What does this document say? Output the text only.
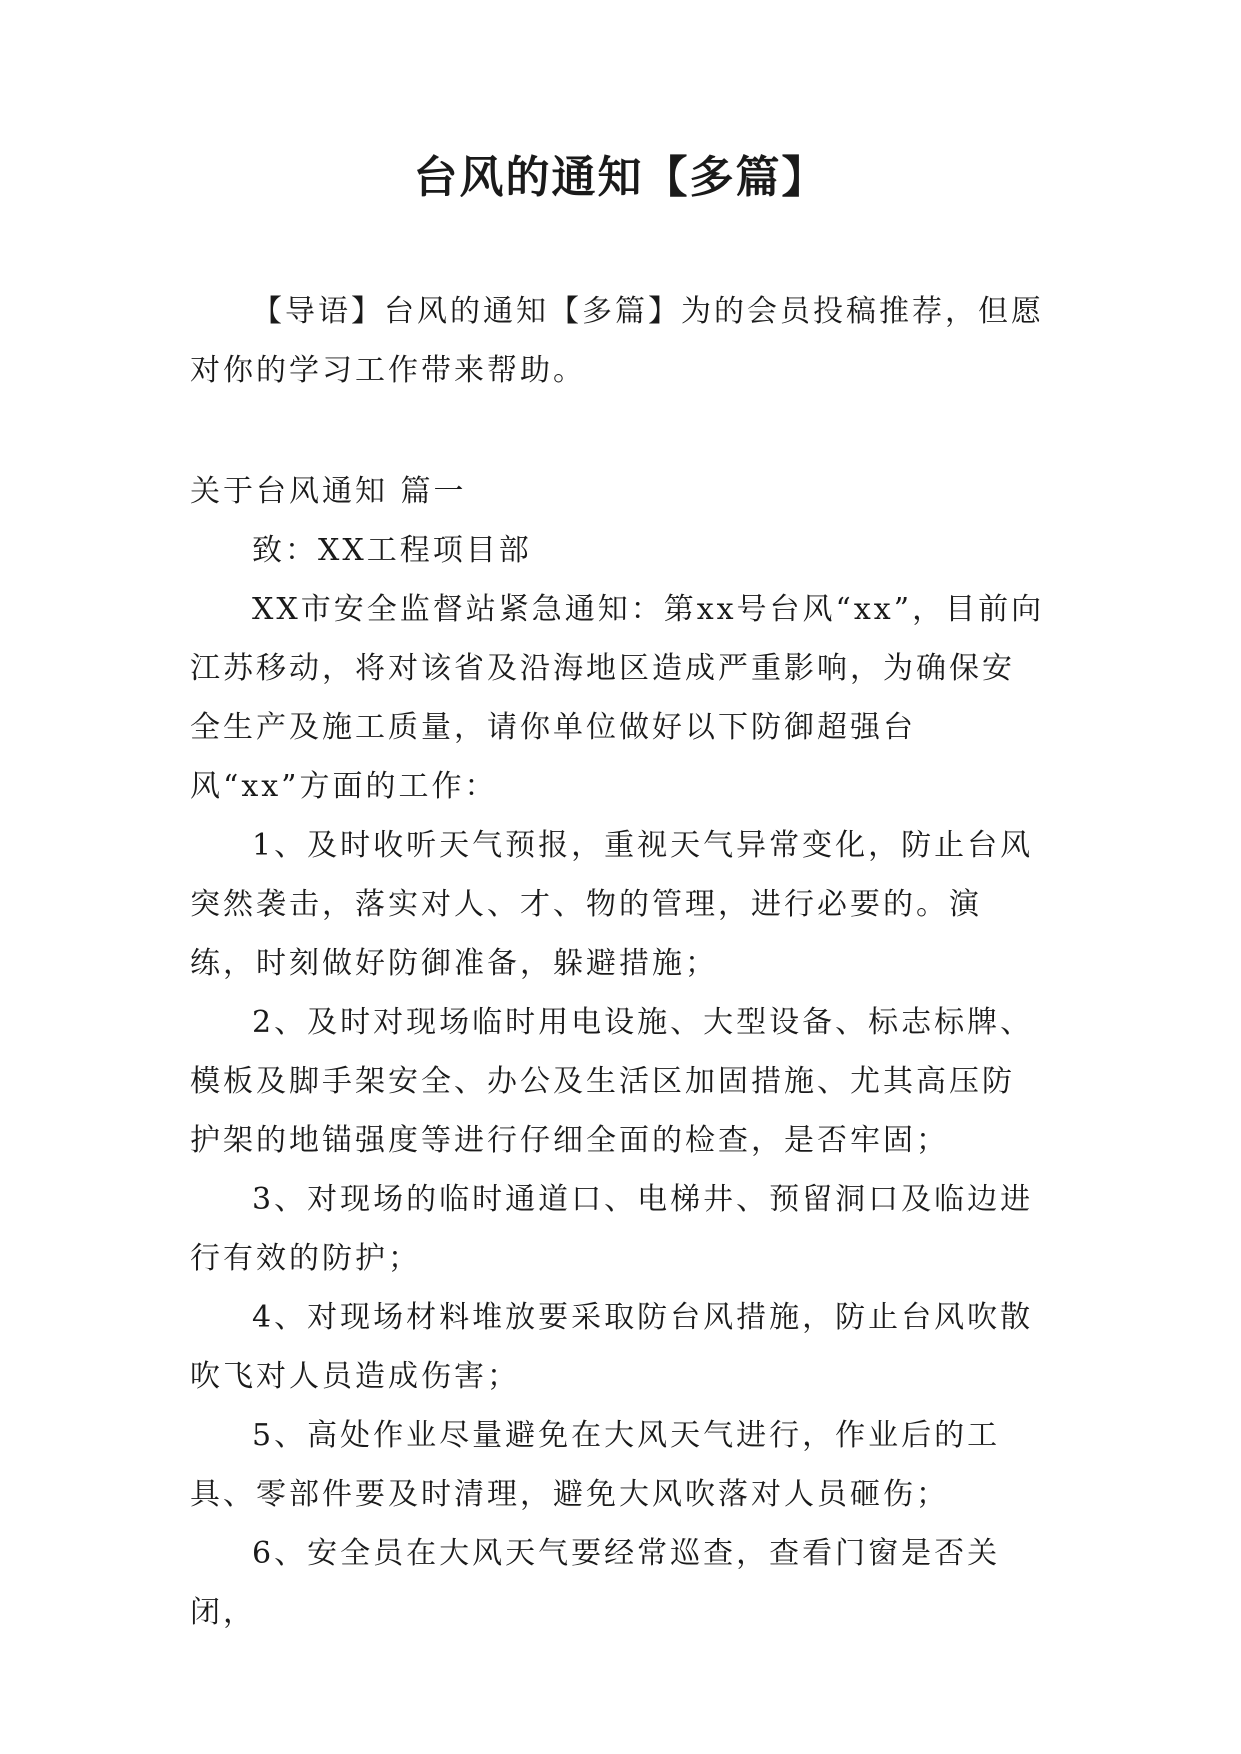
台风的通知【多篇】

【导语】台风的通知【多篇】为的会员投稿推荐，但愿对你的学习工作带来帮助。

关于台风通知 篇一

致：XX工程项目部

XX市安全监督站紧急通知：第xx号台风“xx”，目前向江苏移动，将对该省及沿海地区造成严重影响，为确保安全生产及施工质量，请你单位做好以下防御超强台风“xx”方面的工作：

1、及时收听天气预报，重视天气异常变化，防止台风突然袭击，落实对人、才、物的管理，进行必要的。演练，时刻做好防御准备，躲避措施；

2、及时对现场临时用电设施、大型设备、标志标牌、模板及脚手架安全、办公及生活区加固措施、尤其高压防护架的地锚强度等进行仔细全面的检查，是否牢固；

3、对现场的临时通道口、电梯井、预留洞口及临边进行有效的防护；

4、对现场材料堆放要采取防台风措施，防止台风吹散吹飞对人员造成伤害；

5、高处作业尽量避免在大风天气进行，作业后的工具、零部件要及时清理，避免大风吹落对人员砸伤；

6、安全员在大风天气要经常巡查，查看门窗是否关闭，
